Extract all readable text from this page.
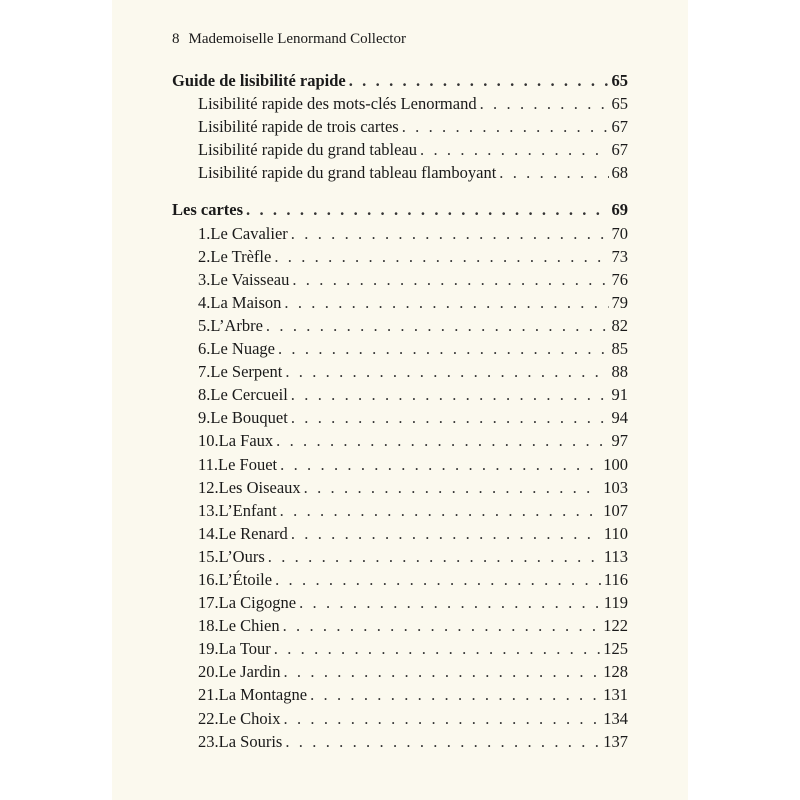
8 Mademoiselle Lenormand Collector
Guide de lisibilité rapide . . .	65
Lisibilité rapide des mots-clés Lenormand . . .	65
Lisibilité rapide de trois cartes . . .	67
Lisibilité rapide du grand tableau . . .	67
Lisibilité rapide du grand tableau flamboyant . . .	68
Les cartes . . .	69
1. Le Cavalier . . .	70
2. Le Trèfle . . .	73
3. Le Vaisseau . . .	76
4. La Maison . . .	79
5. L’Arbre . . .	82
6. Le Nuage . . .	85
7. Le Serpent . . .	88
8. Le Cercueil . . .	91
9. Le Bouquet . . .	94
10. La Faux . . .	97
11. Le Fouet . . .	100
12. Les Oiseaux . . .	103
13. L’Enfant . . .	107
14. Le Renard . . .	110
15. L’Ours . . .	113
16. L’Étoile . . .	116
17. La Cigogne . . .	119
18. Le Chien . . .	122
19. La Tour . . .	125
20. Le Jardin . . .	128
21. La Montagne . . .	131
22. Le Choix . . .	134
23. La Souris . . .	137
